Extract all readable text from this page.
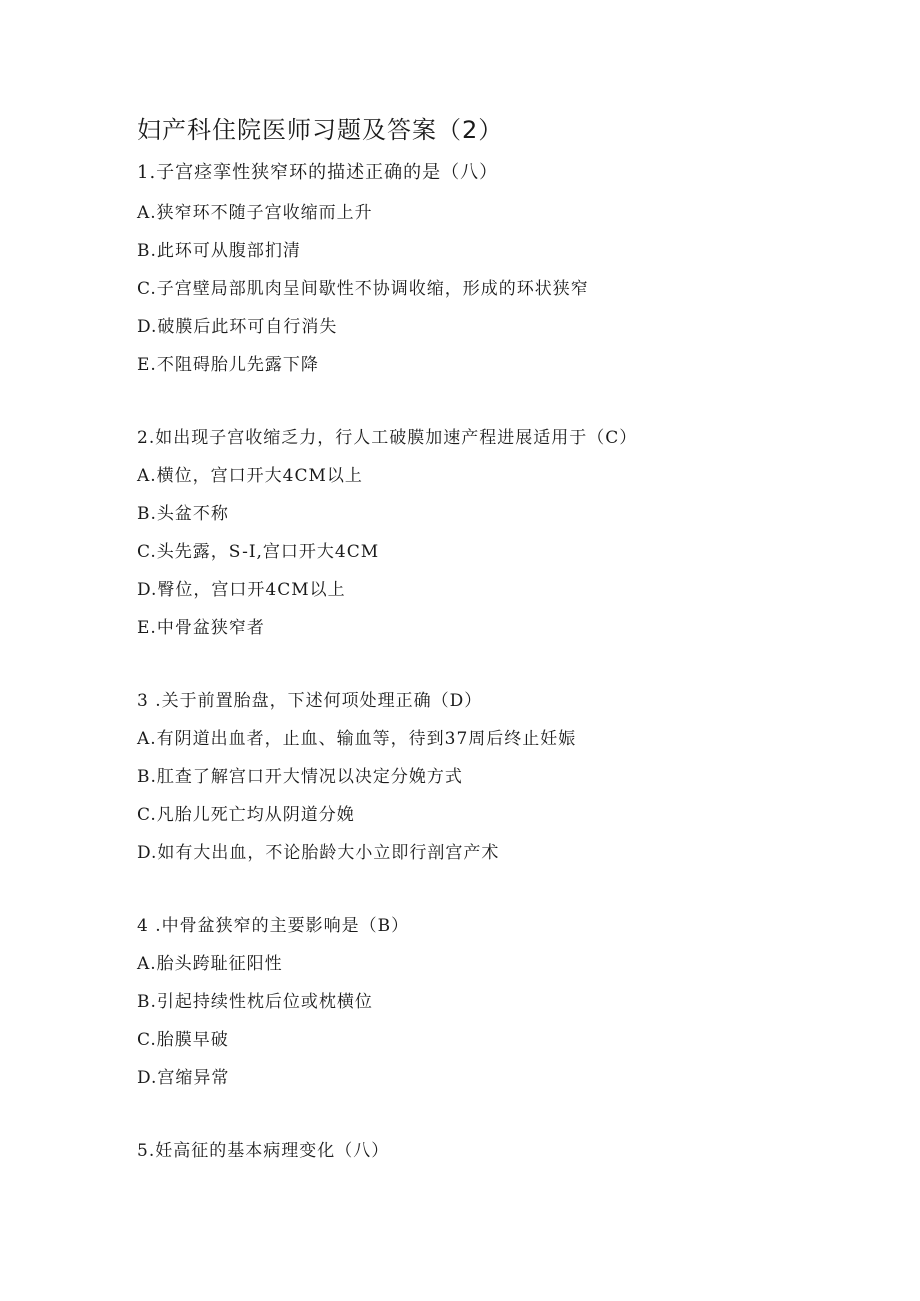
妇产科住院医师习题及答案（2）
1.子宫痉挛性狭窄环的描述正确的是（八）
A.狭窄环不随子宫收缩而上升
B.此环可从腹部扪清
C.子宫壁局部肌肉呈间歇性不协调收缩，形成的环状狭窄
D.破膜后此环可自行消失
E.不阻碍胎儿先露下降
2.如出现子宫收缩乏力，行人工破膜加速产程进展适用于（C）
A.横位，宫口开大4CM以上
B.头盆不称
C.头先露，S-I,宫口开大4CM
D.臀位，宫口开4CM以上
E.中骨盆狭窄者
3 .关于前置胎盘，下述何项处理正确（D）
A.有阴道出血者，止血、输血等，待到37周后终止妊娠
B.肛查了解宫口开大情况以决定分娩方式
C.凡胎儿死亡均从阴道分娩
D.如有大出血，不论胎龄大小立即行剖宫产术
4 .中骨盆狭窄的主要影响是（B）
A.胎头跨耻征阳性
B.引起持续性枕后位或枕横位
C.胎膜早破
D.宫缩异常
5.妊高征的基本病理变化（八）
